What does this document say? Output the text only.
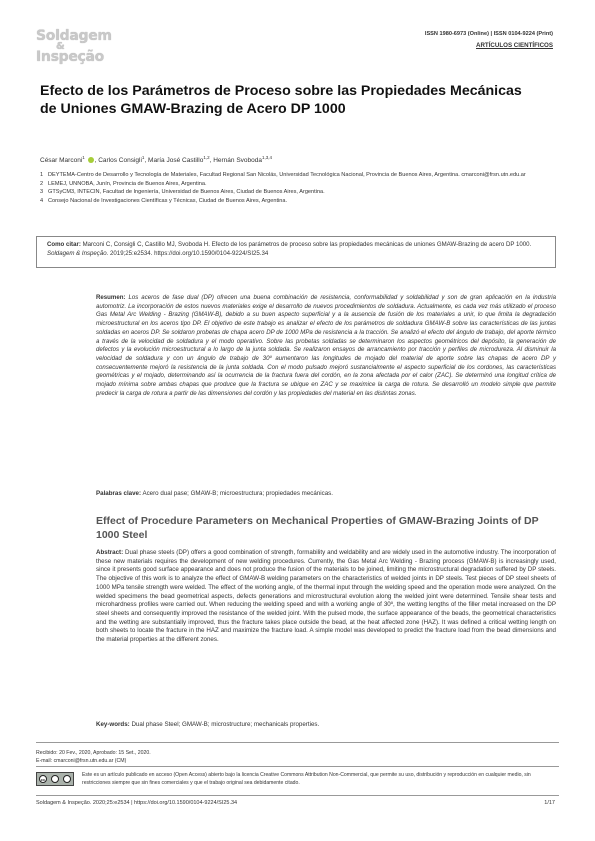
Soldagem
&
Inspeção
ISSN 1980-6973 (Online) | ISSN 0104-9224 (Print)
ARTÍCULOS CIENTÍFICOS
Efecto de los Parámetros de Proceso sobre las Propiedades Mecánicas de Uniones GMAW-Brazing de Acero DP 1000
César Marconi$^1$ , Carlos Consigli$^1$, María José Castillo$^{1,2}$, Hernán Svoboda$^{1,3,4}$
1 DEYTEMA-Centro de Desarrollo y Tecnología de Materiales, Facultad Regional San Nicolás, Universidad Tecnológica Nacional, Provincia de Buenos Aires, Argentina. cmarconi@frsn.utn.edu.ar
2 LEMEJ, UNNOBA, Junín, Provincia de Buenos Aires, Argentina.
3 GTSyCM3, INTECIN, Facultad de Ingeniería, Universidad de Buenos Aires, Ciudad de Buenos Aires, Argentina.
4 Consejo Nacional de Investigaciones Científicas y Técnicas, Ciudad de Buenos Aires, Argentina.
Como citar: Marconi C, Consigli C, Castillo MJ, Svoboda H. Efecto de los parámetros de proceso sobre las propiedades mecánicas de uniones GMAW-Brazing de acero DP 1000. Soldagem & Inspeção. 2019;25:e2534. https://doi.org/10.1590/0104-9224/SI25.34
Resumen: Los aceros de fase dual (DP) ofrecen una buena combinación de resistencia, conformabilidad y soldabilidad y son de gran aplicación en la industria automotriz. La incorporación de estos nuevos materiales exige el desarrollo de nuevos procedimientos de soldadura. Actualmente, es cada vez más utilizado el proceso Gas Metal Arc Welding - Brazing (GMAW-B), debido a su buen aspecto superficial y a la ausencia de fusión de los materiales a unir, lo que limita la degradación microestructural en los aceros tipo DP. El objetivo de este trabajo es analizar el efecto de los parámetros de soldadura GMAW-B sobre las características de las juntas soldadas en aceros DP. Se soldaron probetas de chapa acero DP de 1000 MPa de resistencia a la tracción. Se analizó el efecto del ángulo de trabajo, del aporte térmico a través de la velocidad de soldadura y el modo operativo. Sobre las probetas soldadas se determinaron los aspectos geométricos del depósito, la generación de defectos y la evolución microestructural a lo largo de la junta soldada. Se realizaron ensayos de arrancamiento por tracción y perfiles de microdureza. Al disminuir la velocidad de soldadura y con un ángulo de trabajo de 30º aumentaron las longitudes de mojado del material de aporte sobre las chapas de acero DP y consecuentemente mejoró la resistencia de la junta soldada. Con el modo pulsado mejoró sustancialmente el aspecto superficial de los cordones, las características geométricas y el mojado, determinando así la ocurrencia de la fractura fuera del cordón, en la zona afectada por el calor (ZAC). Se determinó una longitud crítica de mojado mínima sobre ambas chapas que produce que la fractura se ubique en ZAC y se maximice la carga de rotura. Se desarrolló un modelo simple que permite predecir la carga de rotura a partir de las dimensiones del cordón y las propiedades del material en las distintas zonas.
Palabras clave: Acero dual pase; GMAW-B; microestructura; propiedades mecánicas.
Effect of Procedure Parameters on Mechanical Properties of GMAW-Brazing Joints of DP 1000 Steel
Abstract: Dual phase steels (DP) offers a good combination of strength, formability and weldability and are widely used in the automotive industry. The incorporation of these new materials requires the development of new welding procedures. Currently, the Gas Metal Arc Welding - Brazing process (GMAW-B) is increasingly used, since it presents good surface appearance and does not produce the fusion of the materials to be joined, limiting the microstructural degradation suffered by DP steels. The objective of this work is to analyze the effect of GMAW-B welding parameters on the characteristics of welded joints in DP steels. Test pieces of DP steel sheets of 1000 MPa tensile strength were welded. The effect of the working angle, of the thermal input through the welding speed and the operation mode were analyzed. On the welded specimens the bead geometrical aspects, defects generations and microstructural evolution along the welded joint were determined. Tensile shear tests and microhardness profiles were carried out. When reducing the welding speed and with a working angle of 30º, the wetting lengths of the filler metal increased on the DP steel sheets and consequently improved the resistance of the welded joint. With the pulsed mode, the surface appearance of the beads, the geometrical characteristics and the wetting are substantially improved, thus the fracture takes place outside the bead, at the heat affected zone (HAZ). It was defined a critical wetting length on both sheets to locate the fracture in the HAZ and maximize the fracture load. A simple model was developed to predict the fracture load from the bead dimensions and the material properties at the different zones.
Key-words: Dual phase Steel; GMAW-B; microstructure; mechanicals properties.
Recibido: 20 Fev., 2020, Aprobado: 15 Set., 2020.
E-mail: cmarconi@frsn.utn.edu.ar (CM)
cc
Este es un artículo publicado en acceso (Open Access) abierto bajo la licencia Creative Commons Attribution Non-Commercial, que permite su uso, distribución y reproducción en cualquier medio, sin restricciones siempre que sin fines comerciales y que el trabajo original sea debidamente citado.
Soldagem & Inspeção. 2020;25:e2534 | https://doi.org/10.1590/0104-9224/SI25.34	1/17
